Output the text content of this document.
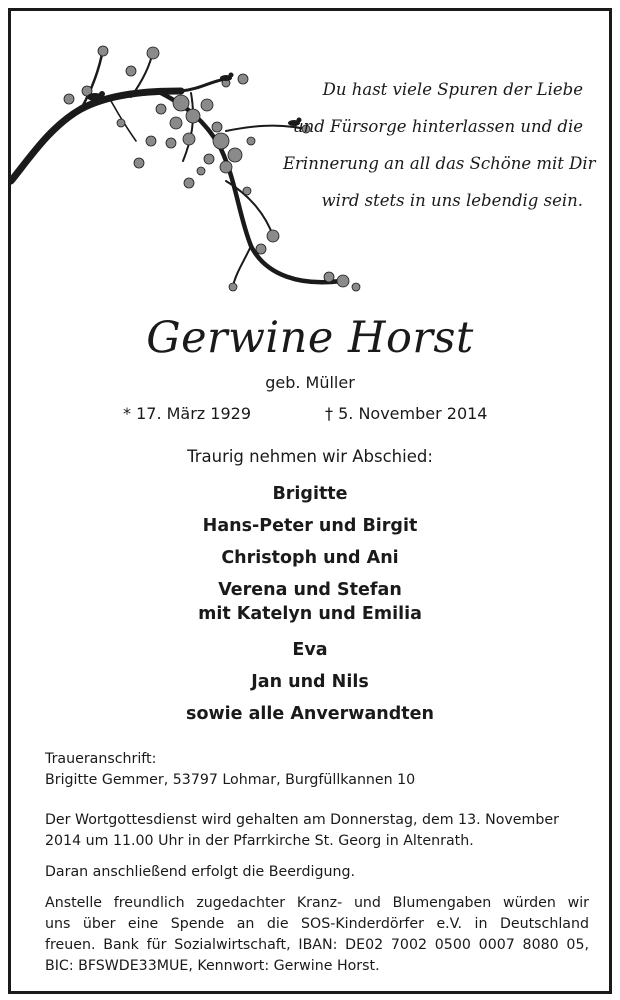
Du hast viele Spuren der Liebe
und Fürsorge hinterlassen und die
Erinnerung an all das Schöne mit Dir
wird stets in uns lebendig sein.
Gerwine Horst
geb. Müller
* 17. März 1929	† 5. November 2014
Traurig nehmen wir Abschied:
Brigitte
Hans-Peter und Birgit
Christoph und Ani
Verena und Stefan
mit Katelyn und Emilia
Eva
Jan und Nils
sowie alle Anverwandten

Traueranschrift:

Brigitte Gemmer, 53797 Lohmar, Burgfüllkannen 10

Der Wortgottesdienst wird gehalten am Donnerstag, dem 13. November

2014 um 11.00 Uhr in der Pfarrkirche St. Georg in Altenrath.

Daran anschließend erfolgt die Beerdigung.

Anstelle freundlich zugedachter Kranz- und Blumengaben würden wir

uns über eine Spende an die SOS-Kinderdörfer e.V. in Deutschland

freuen. Bank für Sozialwirtschaft, IBAN: DE02 7002 0500 0007 8080 05,

BIC: BFSWDE33MUE, Kennwort: Gerwine Horst.
